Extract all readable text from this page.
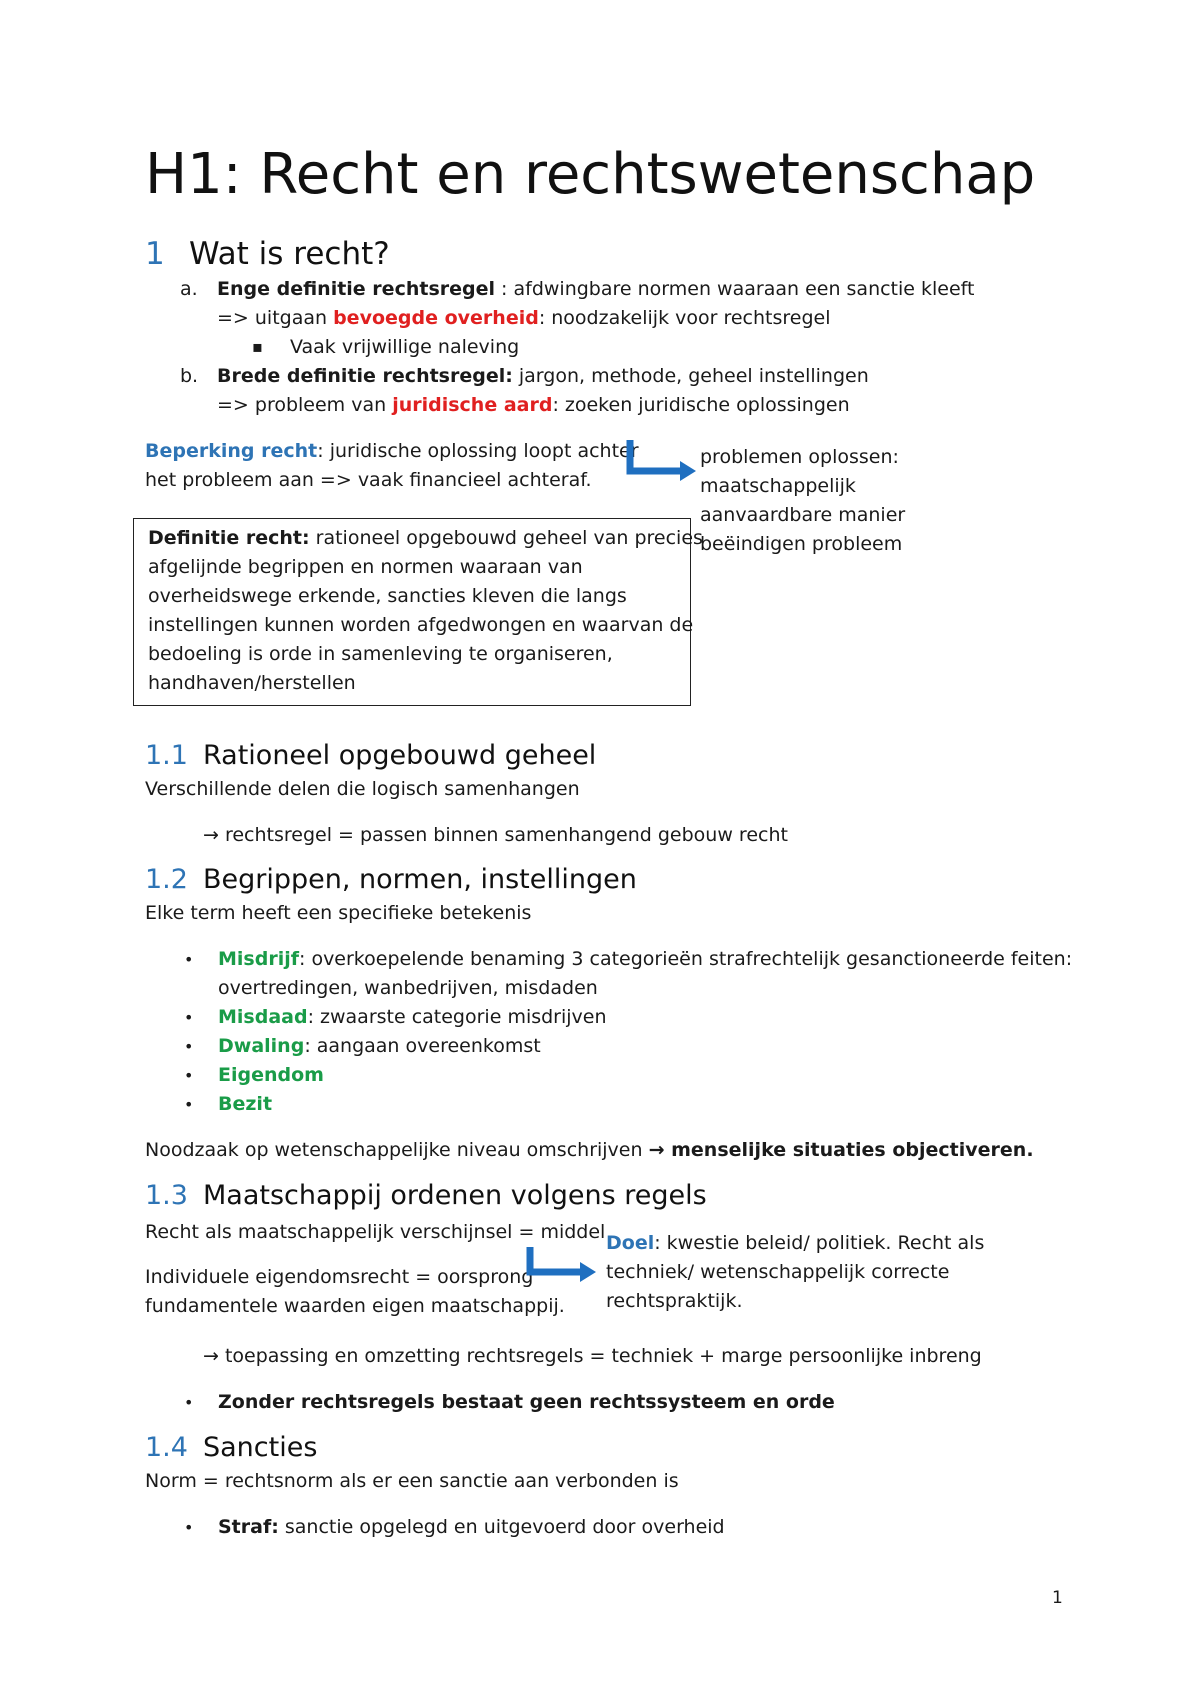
H1: Recht en rechtswetenschap
1 Wat is recht?
a. Enge definitie rechtsregel : afdwingbare normen waaraan een sanctie kleeft
=> uitgaan bevoegde overheid: noodzakelijk voor rechtsregel
▪ Vaak vrijwillige naleving
b. Brede definitie rechtsregel: jargon, methode, geheel instellingen
=> probleem van juridische aard: zoeken juridische oplossingen
Beperking recht: juridische oplossing loopt achter
het probleem aan => vaak financieel achteraf.
problemen oplossen:
maatschappelijk
aanvaardbare manier
beëindigen probleem
Definitie recht: rationeel opgebouwd geheel van precies
afgelijnde begrippen en normen waaraan van
overheidswege erkende, sancties kleven die langs
instellingen kunnen worden afgedwongen en waarvan de
bedoeling is orde in samenleving te organiseren,
handhaven/herstellen
1.1 Rationeel opgebouwd geheel
Verschillende delen die logisch samenhangen
→ rechtsregel = passen binnen samenhangend gebouw recht
1.2 Begrippen, normen, instellingen
Elke term heeft een specifieke betekenis
• Misdrijf: overkoepelende benaming 3 categorieën strafrechtelijk gesanctioneerde feiten:
overtredingen, wanbedrijven, misdaden
• Misdaad: zwaarste categorie misdrijven
• Dwaling: aangaan overeenkomst
• Eigendom
• Bezit
Noodzaak op wetenschappelijke niveau omschrijven → menselijke situaties objectiveren.
1.3 Maatschappij ordenen volgens regels
Recht als maatschappelijk verschijnsel = middel
Individuele eigendomsrecht = oorsprong
fundamentele waarden eigen maatschappij.
Doel: kwestie beleid/ politiek. Recht als
techniek/ wetenschappelijk correcte
rechtspraktijk.
→ toepassing en omzetting rechtsregels = techniek + marge persoonlijke inbreng
• Zonder rechtsregels bestaat geen rechtssysteem en orde
1.4 Sancties
Norm = rechtsnorm als er een sanctie aan verbonden is
• Straf: sanctie opgelegd en uitgevoerd door overheid
1
